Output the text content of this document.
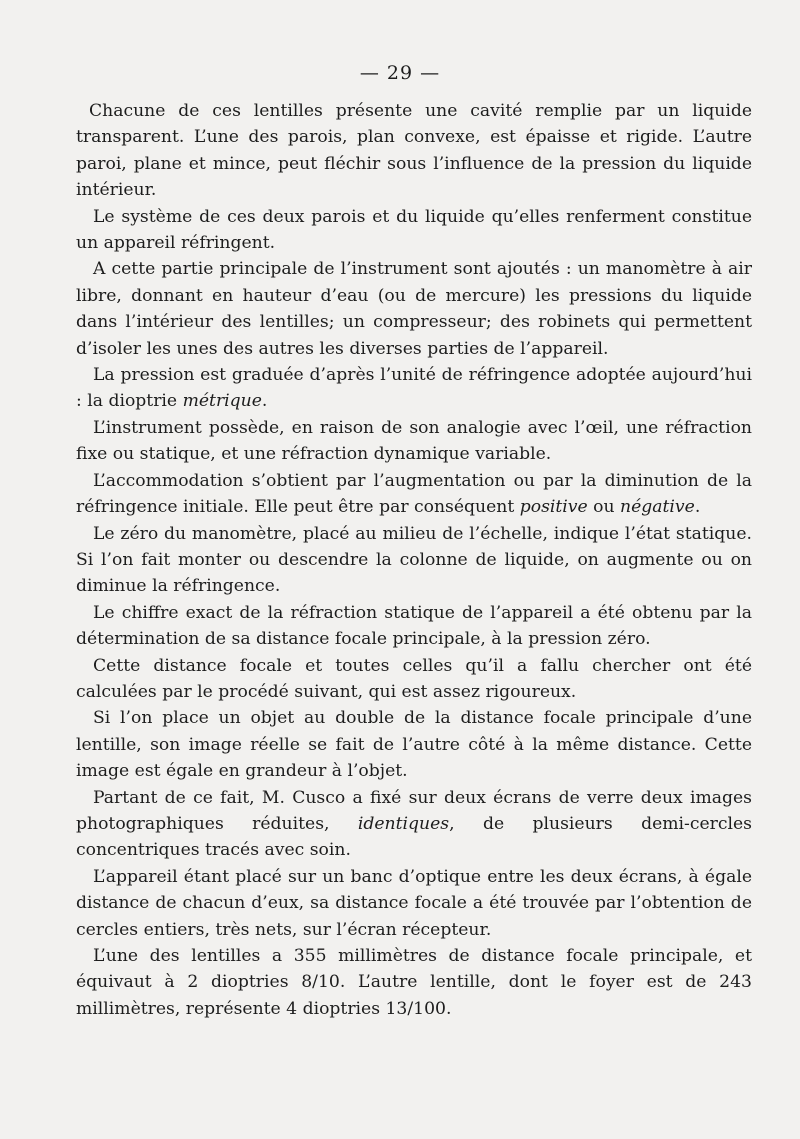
— 29 —

Chacune de ces lentilles présente une cavité remplie par un liquide transparent. L’une des parois, plan convexe, est épaisse et rigide. L’autre paroi, plane et mince, peut fléchir sous l’influence de la pression du liquide intérieur.

Le système de ces deux parois et du liquide qu’elles renferment constitue un appareil réfringent.

A cette partie principale de l’instrument sont ajoutés : un manomètre à air libre, donnant en hauteur d’eau (ou de mercure) les pressions du liquide dans l’intérieur des lentilles; un compresseur; des robinets qui permettent d’isoler les unes des autres les diverses parties de l’appareil.

La pression est graduée d’après l’unité de réfringence adoptée aujourd’hui : la dioptrie métrique.

L’instrument possède, en raison de son analogie avec l’œil, une réfraction fixe ou statique, et une réfraction dynamique variable.

L’accommodation s’obtient par l’augmentation ou par la diminution de la réfringence initiale. Elle peut être par conséquent positive ou négative.

Le zéro du manomètre, placé au milieu de l’échelle, indique l’état statique. Si l’on fait monter ou descendre la colonne de liquide, on augmente ou on diminue la réfringence.

Le chiffre exact de la réfraction statique de l’appareil a été obtenu par la détermination de sa distance focale principale, à la pression zéro.

Cette distance focale et toutes celles qu’il a fallu chercher ont été calculées par le procédé suivant, qui est assez rigoureux.

Si l’on place un objet au double de la distance focale principale d’une lentille, son image réelle se fait de l’autre côté à la même distance. Cette image est égale en grandeur à l’objet.

Partant de ce fait, M. Cusco a fixé sur deux écrans de verre deux images photographiques réduites, identiques, de plusieurs demi-cercles concentriques tracés avec soin.

L’appareil étant placé sur un banc d’optique entre les deux écrans, à égale distance de chacun d’eux, sa distance focale a été trouvée par l’obtention de cercles entiers, très nets, sur l’écran récepteur.

L’une des lentilles a 355 millimètres de distance focale principale, et équivaut à 2 dioptries 8/10. L’autre lentille, dont le foyer est de 243 millimètres, représente 4 dioptries 13/100.
